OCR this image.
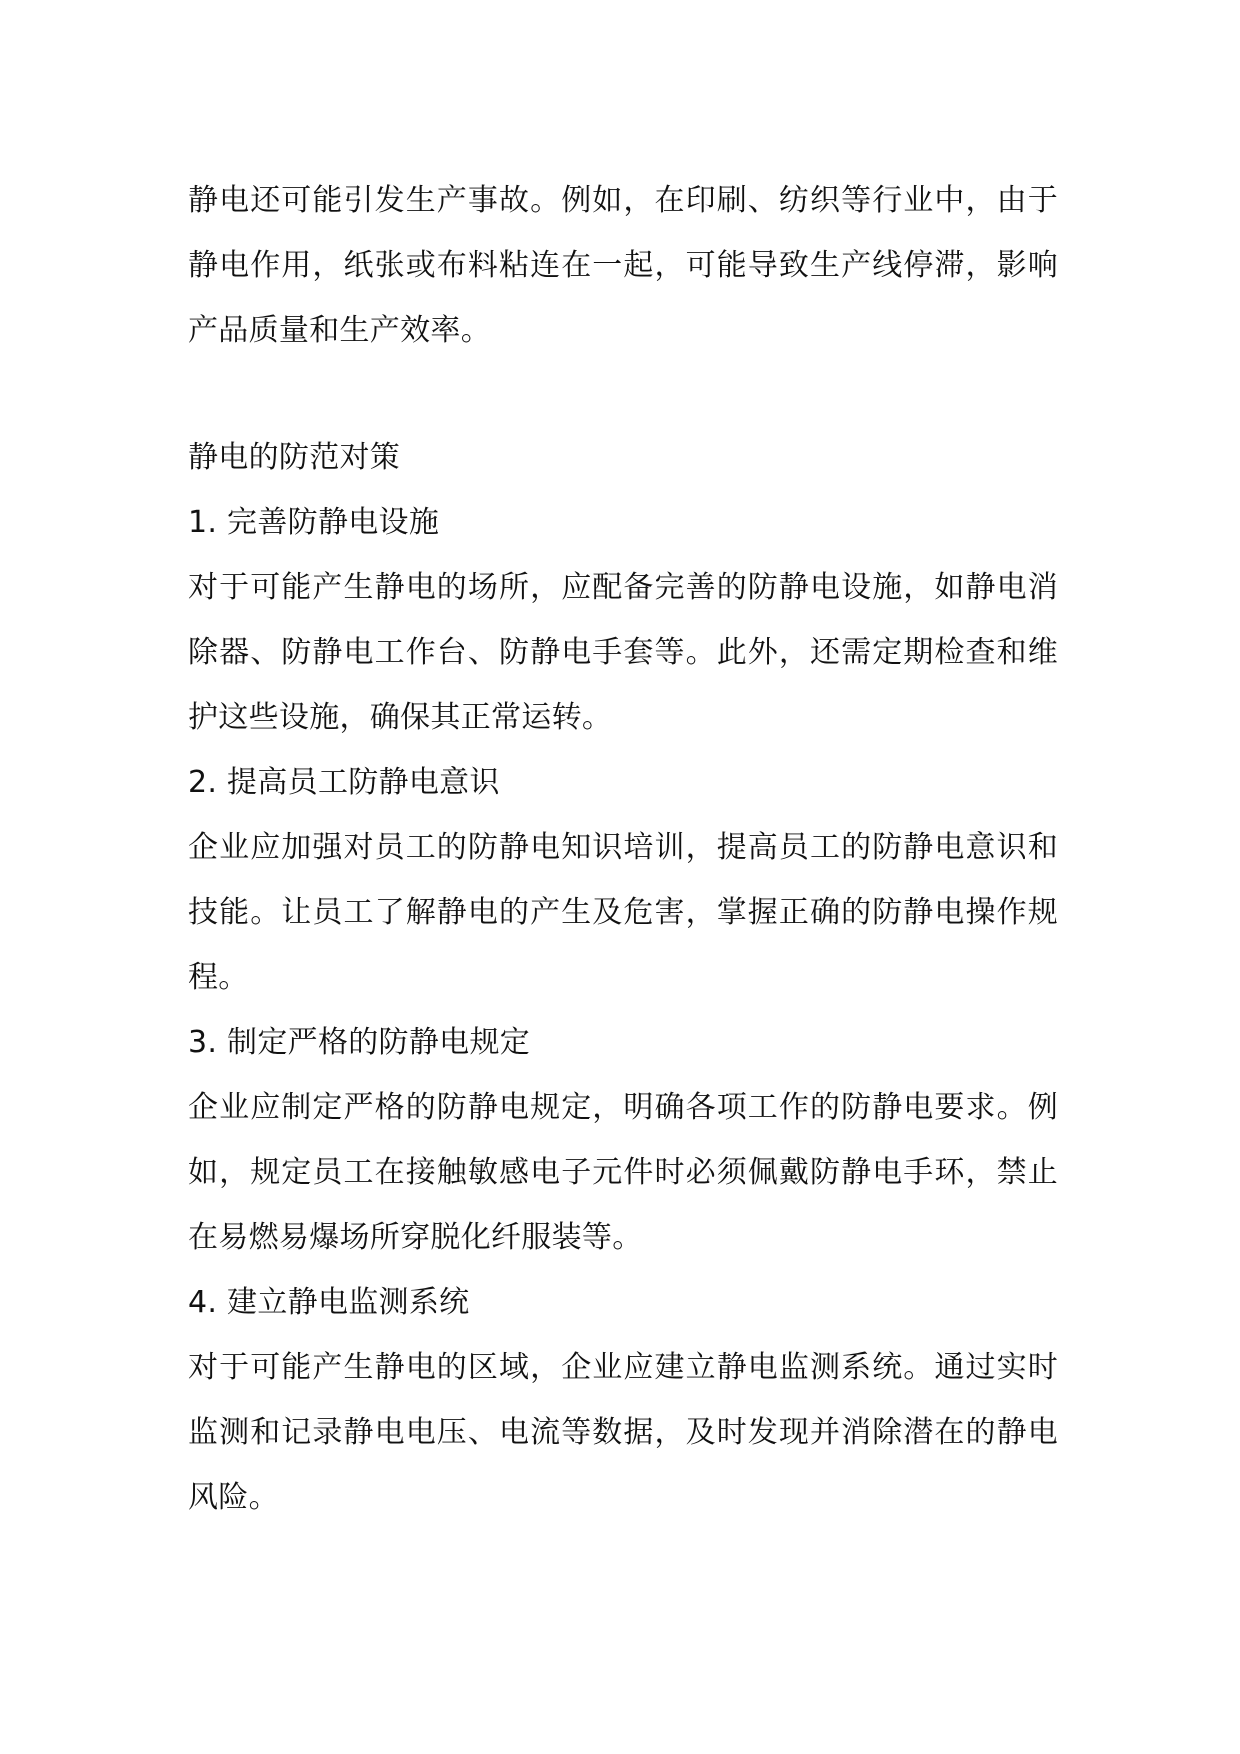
静电还可能引发生产事故。例如，在印刷、纺织等行业中，由于静电作用，纸张或布料粘连在一起，可能导致生产线停滞，影响产品质量和生产效率。

静电的防范对策

1. 完善防静电设施

对于可能产生静电的场所，应配备完善的防静电设施，如静电消除器、防静电工作台、防静电手套等。此外，还需定期检查和维护这些设施，确保其正常运转。

2. 提高员工防静电意识

企业应加强对员工的防静电知识培训，提高员工的防静电意识和技能。让员工了解静电的产生及危害，掌握正确的防静电操作规程。

3. 制定严格的防静电规定

企业应制定严格的防静电规定，明确各项工作的防静电要求。例如，规定员工在接触敏感电子元件时必须佩戴防静电手环，禁止在易燃易爆场所穿脱化纤服装等。

4. 建立静电监测系统

对于可能产生静电的区域，企业应建立静电监测系统。通过实时监测和记录静电电压、电流等数据，及时发现并消除潜在的静电风险。
